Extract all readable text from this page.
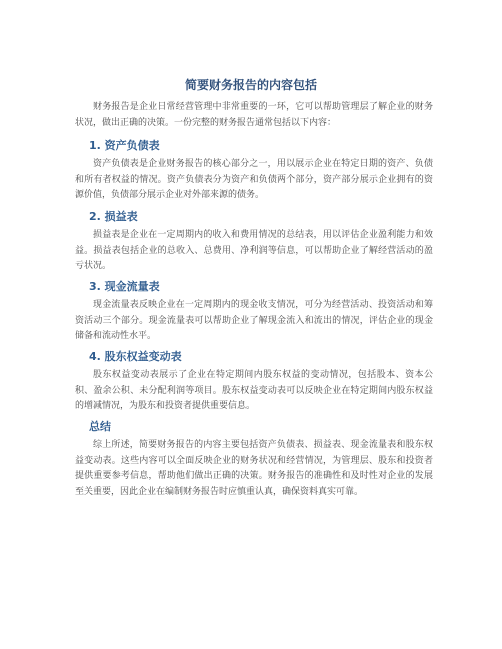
简要财务报告的内容包括

财务报告是企业日常经营管理中非常重要的一环，它可以帮助管理层了解企业的财务状况，做出正确的决策。一份完整的财务报告通常包括以下内容：

1. 资产负债表

资产负债表是企业财务报告的核心部分之一，用以展示企业在特定日期的资产、负债和所有者权益的情况。资产负债表分为资产和负债两个部分，资产部分展示企业拥有的资源价值，负债部分展示企业对外部来源的债务。

2. 损益表

损益表是企业在一定周期内的收入和费用情况的总结表，用以评估企业盈利能力和效益。损益表包括企业的总收入、总费用、净利润等信息，可以帮助企业了解经营活动的盈亏状况。

3. 现金流量表

现金流量表反映企业在一定周期内的现金收支情况，可分为经营活动、投资活动和筹资活动三个部分。现金流量表可以帮助企业了解现金流入和流出的情况，评估企业的现金储备和流动性水平。

4. 股东权益变动表

股东权益变动表展示了企业在特定期间内股东权益的变动情况，包括股本、资本公积、盈余公积、未分配利润等项目。股东权益变动表可以反映企业在特定期间内股东权益的增减情况，为股东和投资者提供重要信息。

总结

综上所述，简要财务报告的内容主要包括资产负债表、损益表、现金流量表和股东权益变动表。这些内容可以全面反映企业的财务状况和经营情况，为管理层、股东和投资者提供重要参考信息，帮助他们做出正确的决策。财务报告的准确性和及时性对企业的发展至关重要，因此企业在编制财务报告时应慎重认真，确保资料真实可靠。
